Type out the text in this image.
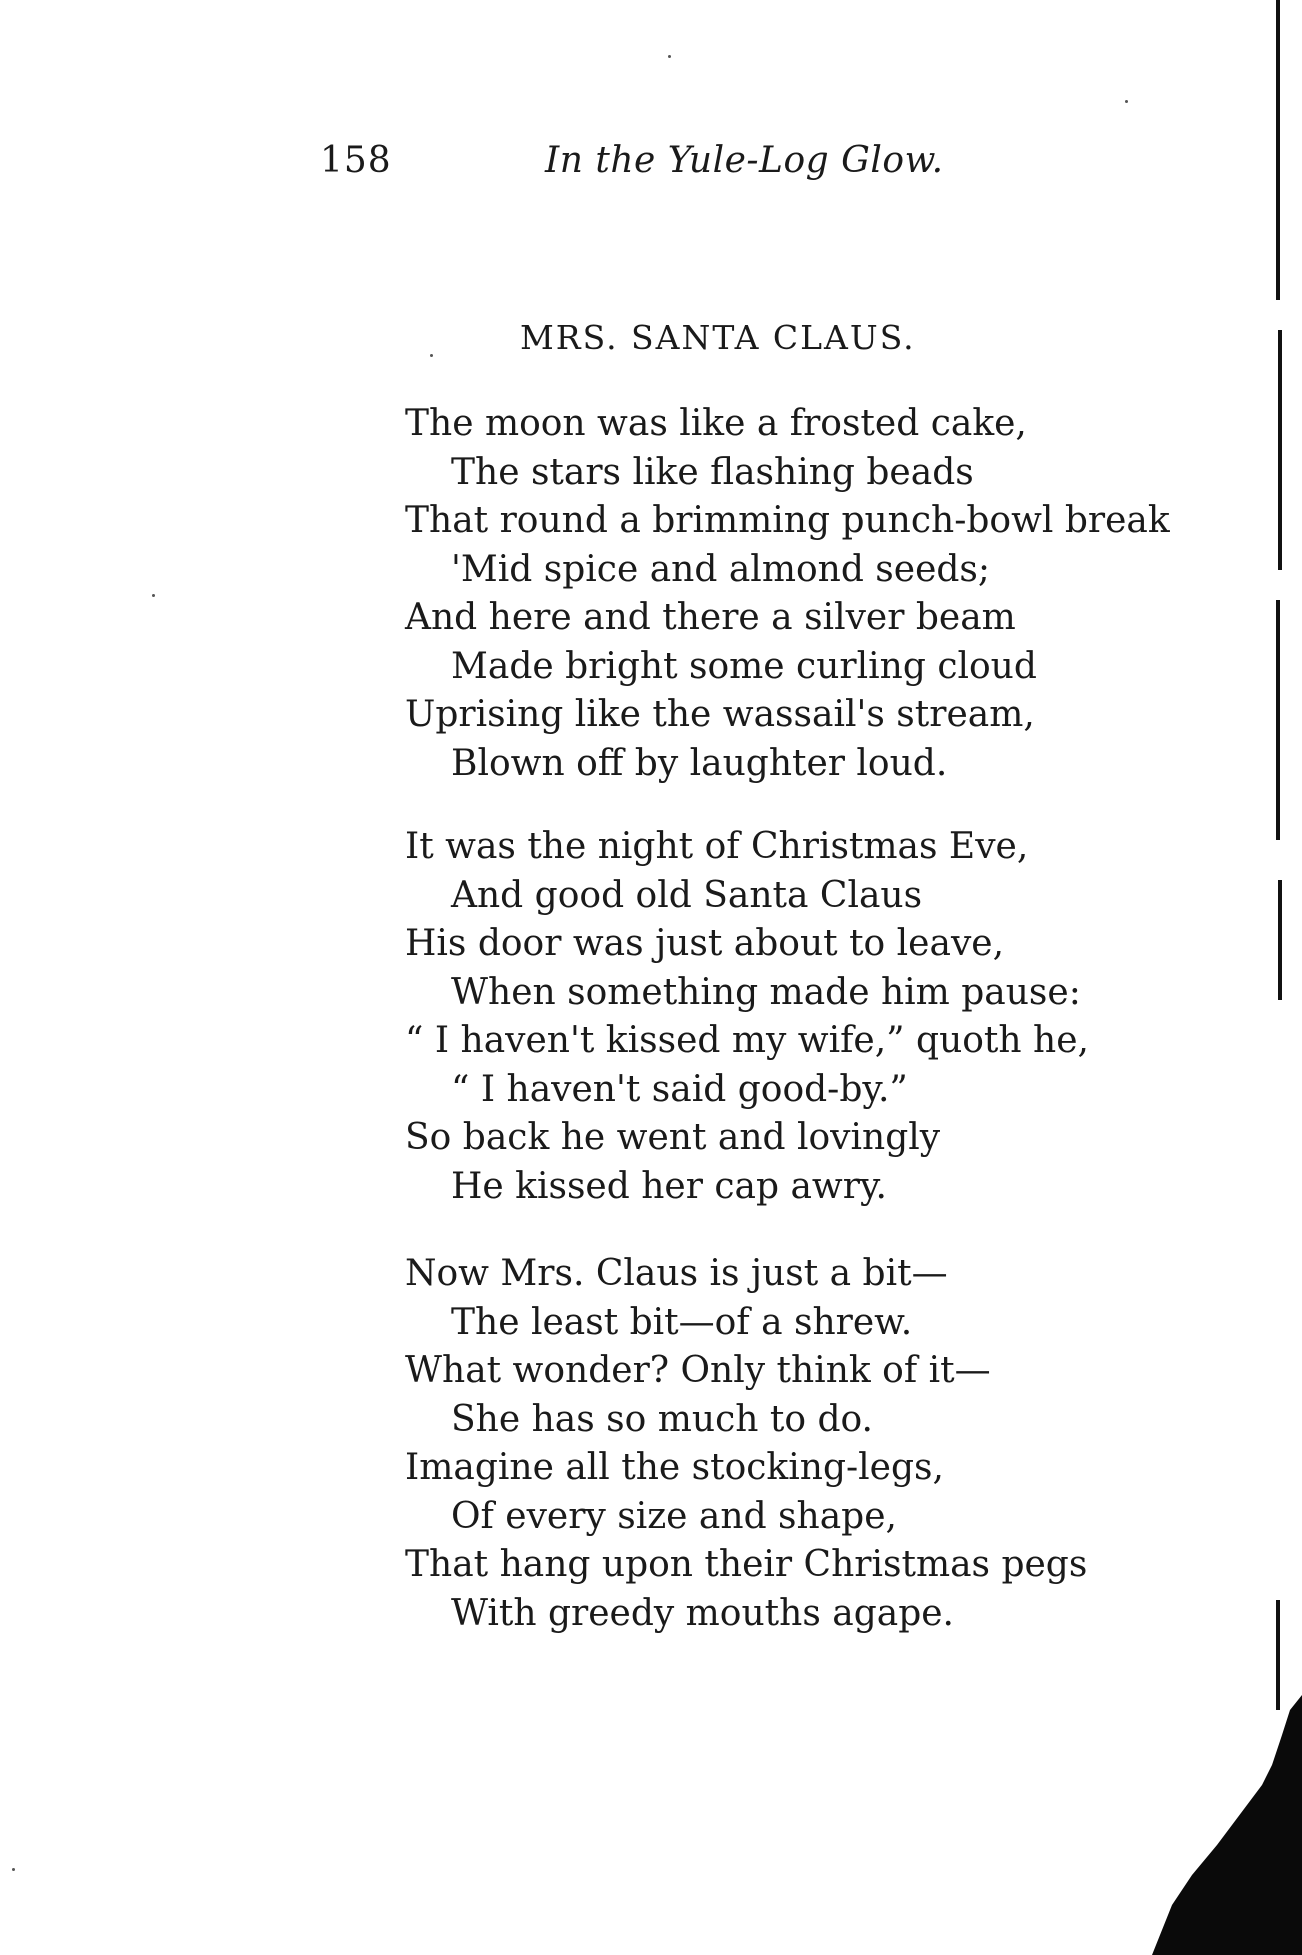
158	In the Yule-Log Glow.
MRS. SANTA CLAUS.
The moon was like a frosted cake,
The stars like flashing beads
That round a brimming punch-bowl break
'Mid spice and almond seeds;
And here and there a silver beam
Made bright some curling cloud
Uprising like the wassail's stream,
Blown off by laughter loud.
It was the night of Christmas Eve,
And good old Santa Claus
His door was just about to leave,
When something made him pause:
“ I haven't kissed my wife,” quoth he,
“ I haven't said good-by.”
So back he went and lovingly
He kissed her cap awry.
Now Mrs. Claus is just a bit—
The least bit—of a shrew.
What wonder? Only think of it—
She has so much to do.
Imagine all the stocking-legs,
Of every size and shape,
That hang upon their Christmas pegs
With greedy mouths agape.
